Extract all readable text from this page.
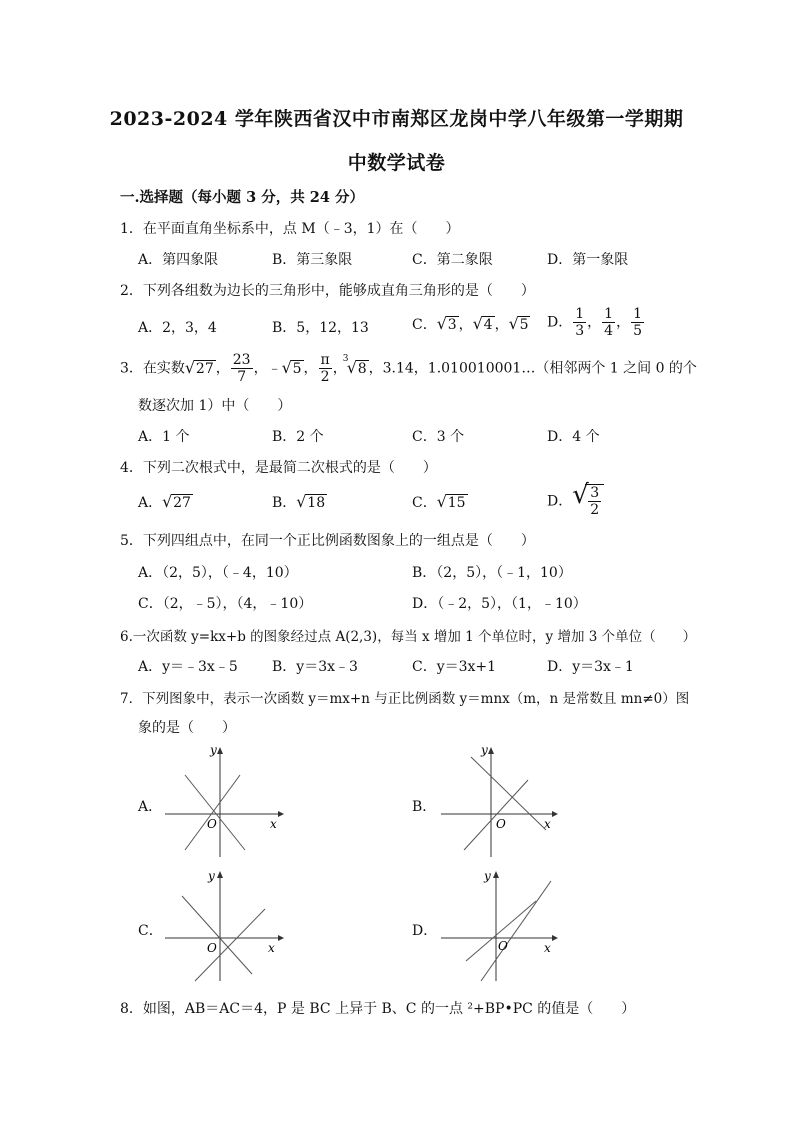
2023-2024 学年陕西省汉中市南郑区龙岗中学八年级第一学期期
中数学试卷
一.选择题（每小题 3 分，共 24 分）
1．在平面直角坐标系中，点 M（﹣3，1）在（　　）
A．第四象限	B．第三象限	C．第二象限	D．第一象限
2．下列各组数为边长的三角形中，能够成直角三角形的是（　　）
A．2，3，4	B．5，12，13	C． √ 3 ， √ 4 ， √ 5 D． $\frac{1}{3}$ ， $\frac{1}{4}$ ， $\frac{1}{5}$
3．在实数 √ 27 ， $\frac{23}{7}$ ，﹣ √ 5 ， $\frac{\pi}{2}$ ，
3
√ 8 ，3.14，1.010010001…（相邻两个 1 之间 0 的个
数逐次加 1）中（　　）
A．1 个	B．2 个	C．3 个	D．4 个
4．下列二次根式中，是最简二次根式的是（　　）
A． √ 27	B． √ 18	C． √ 15	D． √ $\frac{3}{2}$
5．下列四组点中，在同一个正比例函数图象上的一组点是（　　）
A．（2，5），（﹣4，10）	B．（2，5），（﹣1，10）
C．（2，﹣5），（4，﹣10）	D．（﹣2，5），（1，﹣10）
6.一次函数 y=kx+b 的图象经过点 A(2,3)，每当 x 增加 1 个单位时，y 增加 3 个单位（　　）
A．y＝﹣3x﹣5 B．y＝3x﹣3	C．y＝3x+1	D．y＝3x﹣1
7．下列图象中，表示一次函数 y＝mx+n 与正比例函数 y＝mnx（m，n 是常数且 mn≠0）图
象的是（　　）
A．
y
x
O
B．
y
x
O
C．
y
x
O
D．
y
x
O
8．如图，AB＝AC＝4，P 是 BC 上异于 B、C 的一点 ²+BP•PC 的值是（　　）
